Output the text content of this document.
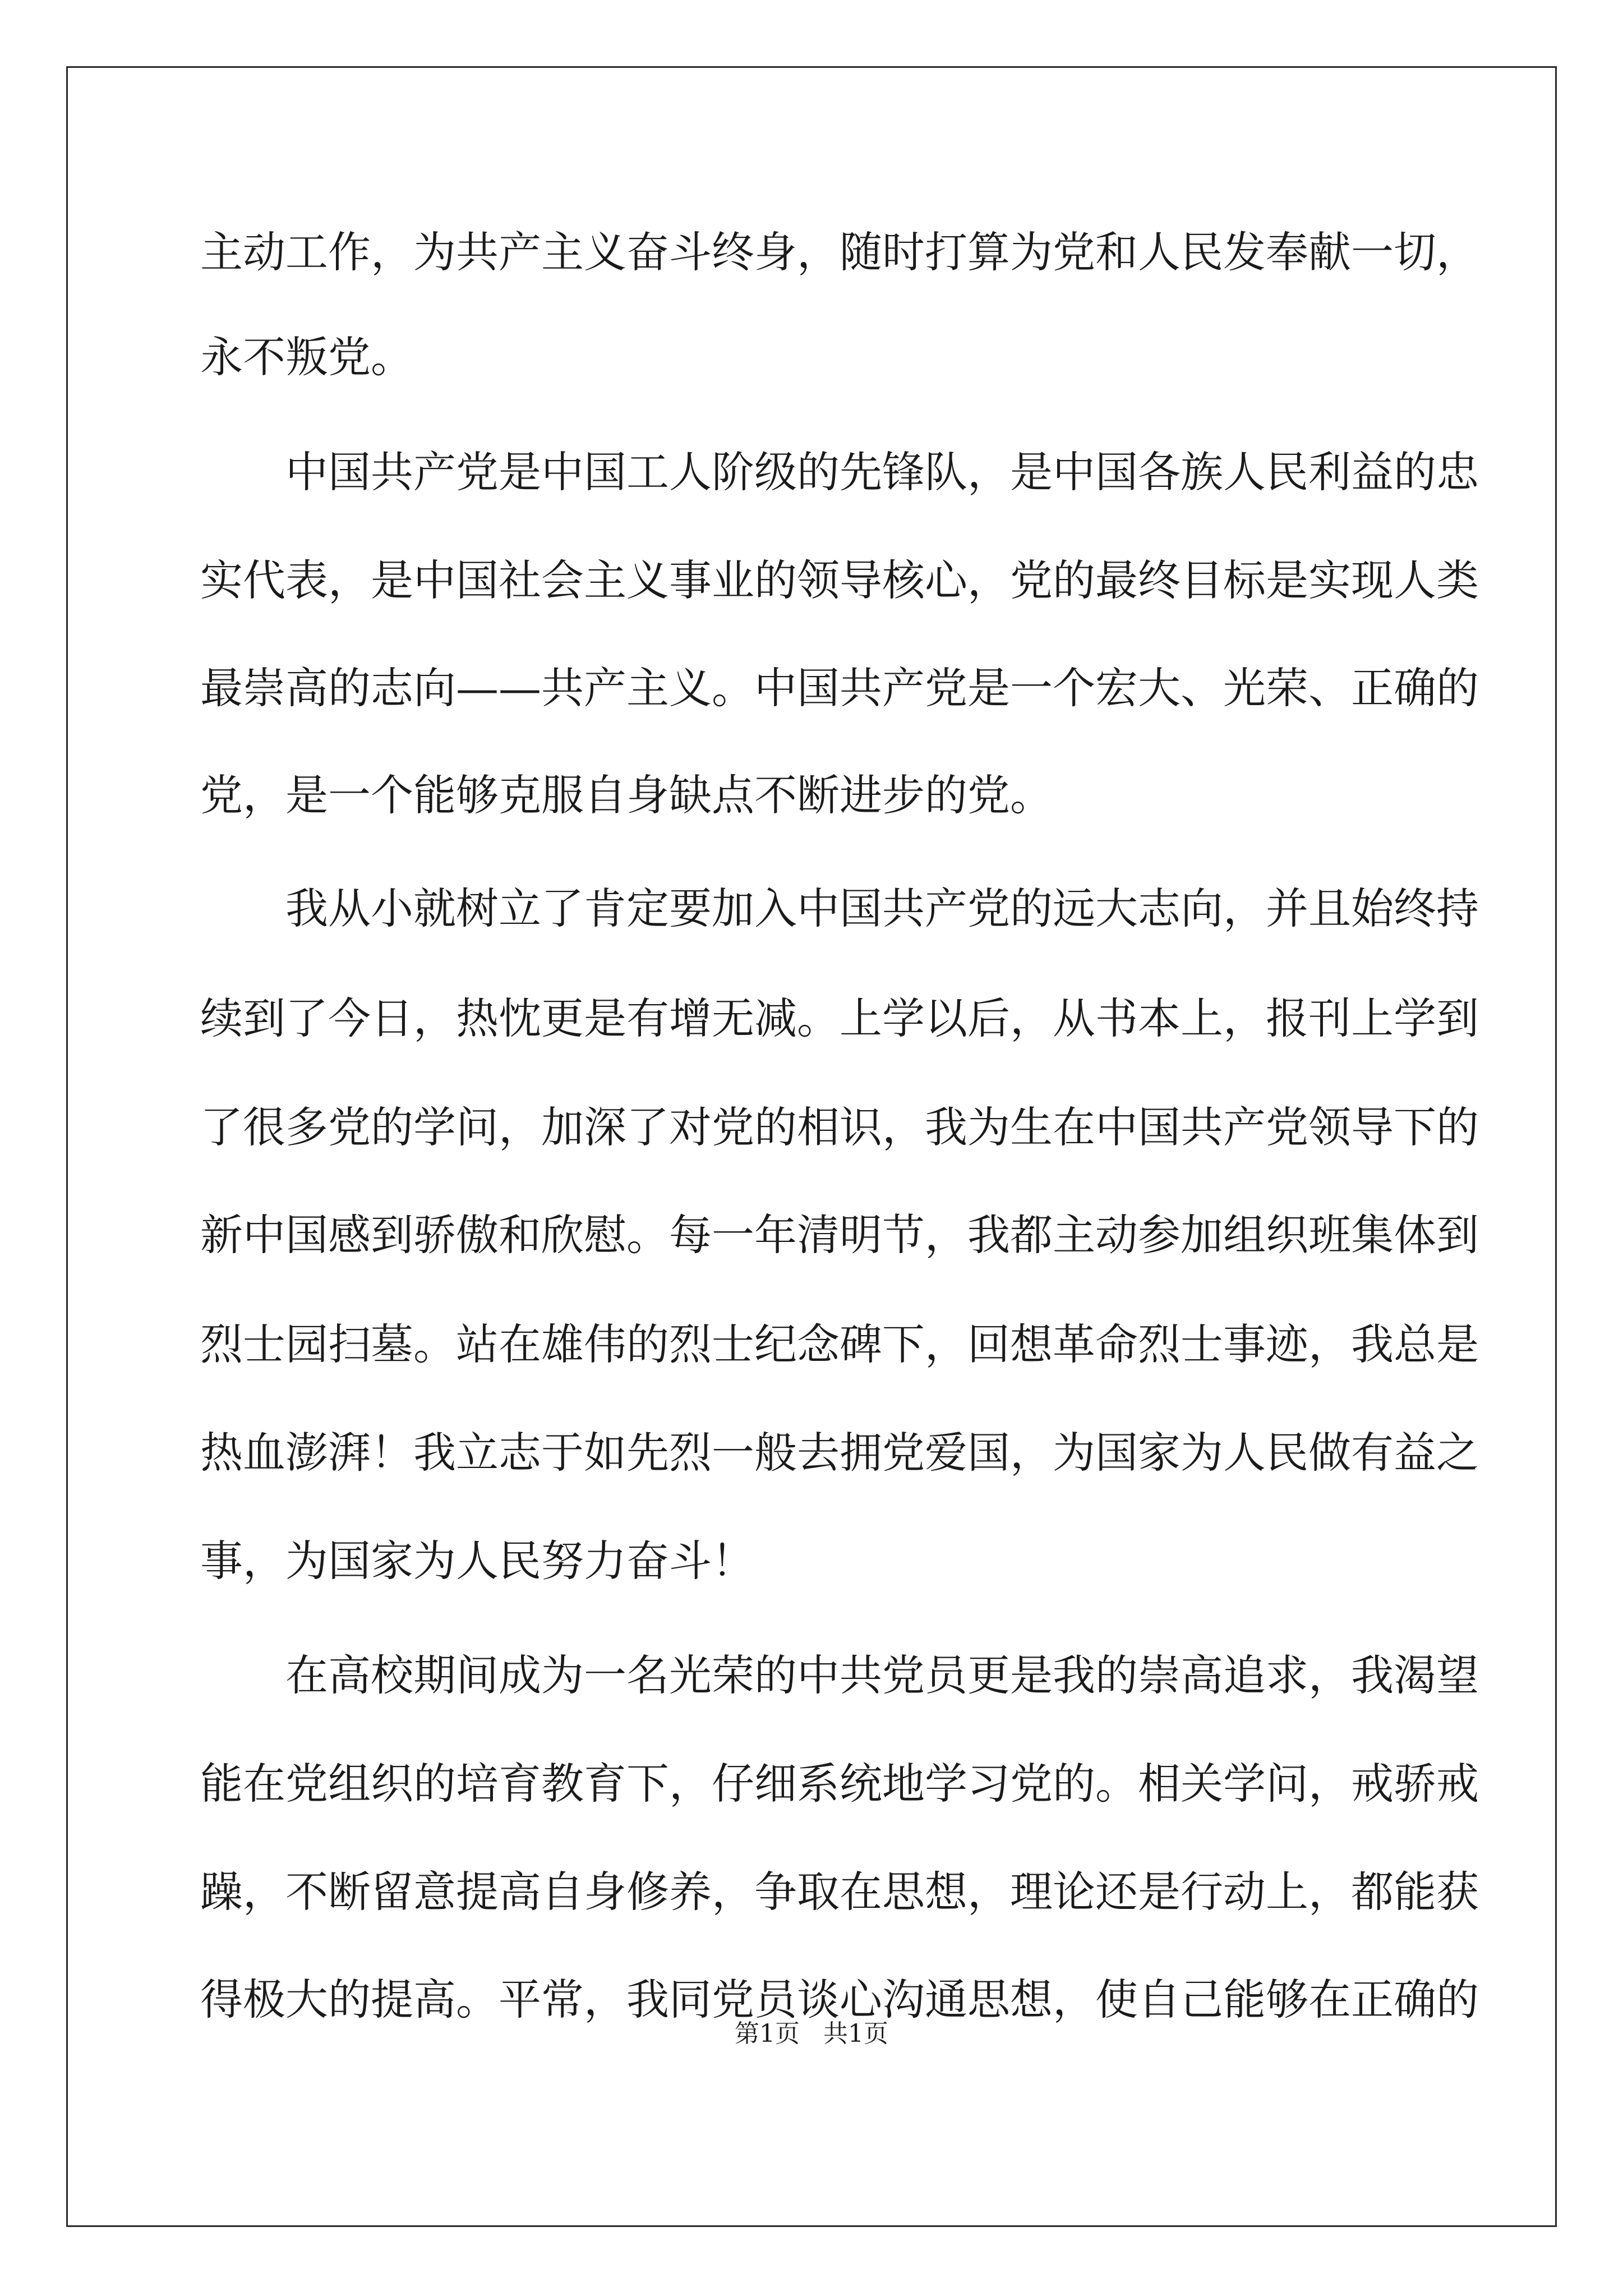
主动工作，为共产主义奋斗终身，随时打算为党和人民发奉献一切，
永不叛党。
中国共产党是中国工人阶级的先锋队，是中国各族人民利益的忠
实代表，是中国社会主义事业的领导核心，党的最终目标是实现人类
最崇高的志向——共产主义。中国共产党是一个宏大、光荣、正确的
党，是一个能够克服自身缺点不断进步的党。
我从小就树立了肯定要加入中国共产党的远大志向，并且始终持
续到了今日，热忱更是有增无减。上学以后，从书本上，报刊上学到
了很多党的学问，加深了对党的相识，我为生在中国共产党领导下的
新中国感到骄傲和欣慰。每一年清明节，我都主动参加组织班集体到
烈士园扫墓。站在雄伟的烈士纪念碑下，回想革命烈士事迹，我总是
热血澎湃！我立志于如先烈一般去拥党爱国，为国家为人民做有益之
事，为国家为人民努力奋斗！
在高校期间成为一名光荣的中共党员更是我的崇高追求，我渴望
能在党组织的培育教育下，仔细系统地学习党的。相关学问，戒骄戒
躁，不断留意提高自身修养，争取在思想，理论还是行动上，都能获
得极大的提高。平常，我同党员谈心沟通思想，使自己能够在正确的
第1页 共1页
